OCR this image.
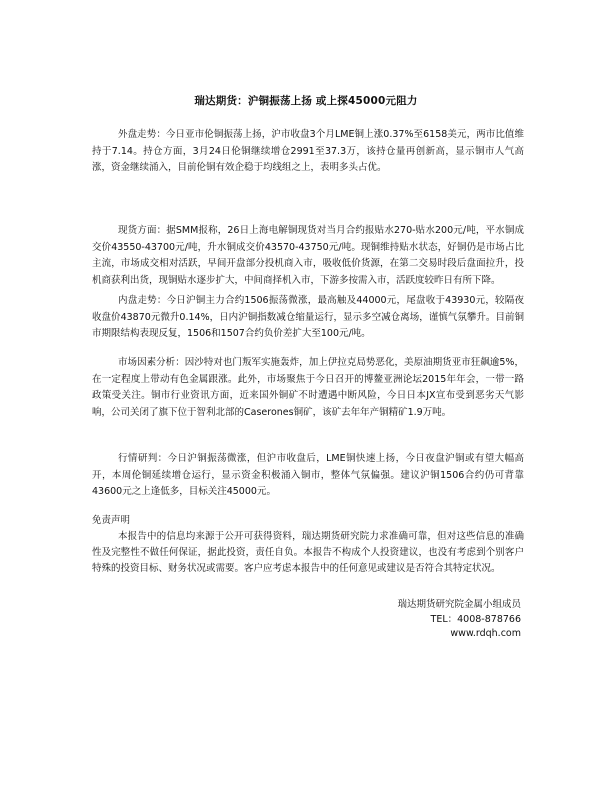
瑞达期货：沪铜振荡上扬 或上探45000元阻力

外盘走势：今日亚市伦铜振荡上扬，沪市收盘3个月LME铜上涨0.37%至6158美元，两市比值维持于7.14。持仓方面，3月24日伦铜继续增仓2991至37.3万，该持仓量再创新高，显示铜市人气高涨，资金继续涌入，目前伦铜有效企稳于均线组之上，表明多头占优。

现货方面：据SMM报称，26日上海电解铜现货对当月合约报贴水270-贴水200元/吨，平水铜成交价43550-43700元/吨，升水铜成交价43570-43750元/吨。现铜维持贴水状态，好铜仍是市场占比主流，市场成交相对活跃，早间开盘部分投机商入市，吸收低价货源，在第二交易时段后盘面拉升，投机商获利出货，现铜贴水逐步扩大，中间商择机入市，下游多按需入市，活跃度较昨日有所下降。

内盘走势：今日沪铜主力合约1506振荡微涨，最高触及44000元，尾盘收于43930元，较隔夜收盘价43870元微升0.14%，日内沪铜指数减仓缩量运行，显示多空减仓离场，谨慎气氛攀升。目前铜市期限结构表现反复，1506和1507合约负价差扩大至100元/吨。

市场因素分析：因沙特对也门叛军实施轰炸，加上伊拉克局势恶化，美原油期货亚市狂飙逾5%，在一定程度上带动有色金属跟涨。此外，市场聚焦于今日召开的博鳌亚洲论坛2015年年会，一带一路政策受关注。铜市行业资讯方面，近来国外铜矿不时遭遇中断风险，今日日本JX宣布受到恶劣天气影响，公司关闭了旗下位于智利北部的Caserones铜矿，该矿去年年产铜精矿1.9万吨。

行情研判：今日沪铜振荡微涨，但沪市收盘后，LME铜快速上扬，今日夜盘沪铜或有望大幅高开，本周伦铜延续增仓运行，显示资金积极涌入铜市，整体气氛偏强。建议沪铜1506合约仍可背靠43600元之上逢低多，目标关注45000元。

免责声明

本报告中的信息均来源于公开可获得资料，瑞达期货研究院力求准确可靠，但对这些信息的准确性及完整性不做任何保证，据此投资，责任自负。本报告不构成个人投资建议，也没有考虑到个别客户特殊的投资目标、财务状况或需要。客户应考虑本报告中的任何意见或建议是否符合其特定状况。

瑞达期货研究院金属小组成员
TEL：4008-878766
www.rdqh.com
